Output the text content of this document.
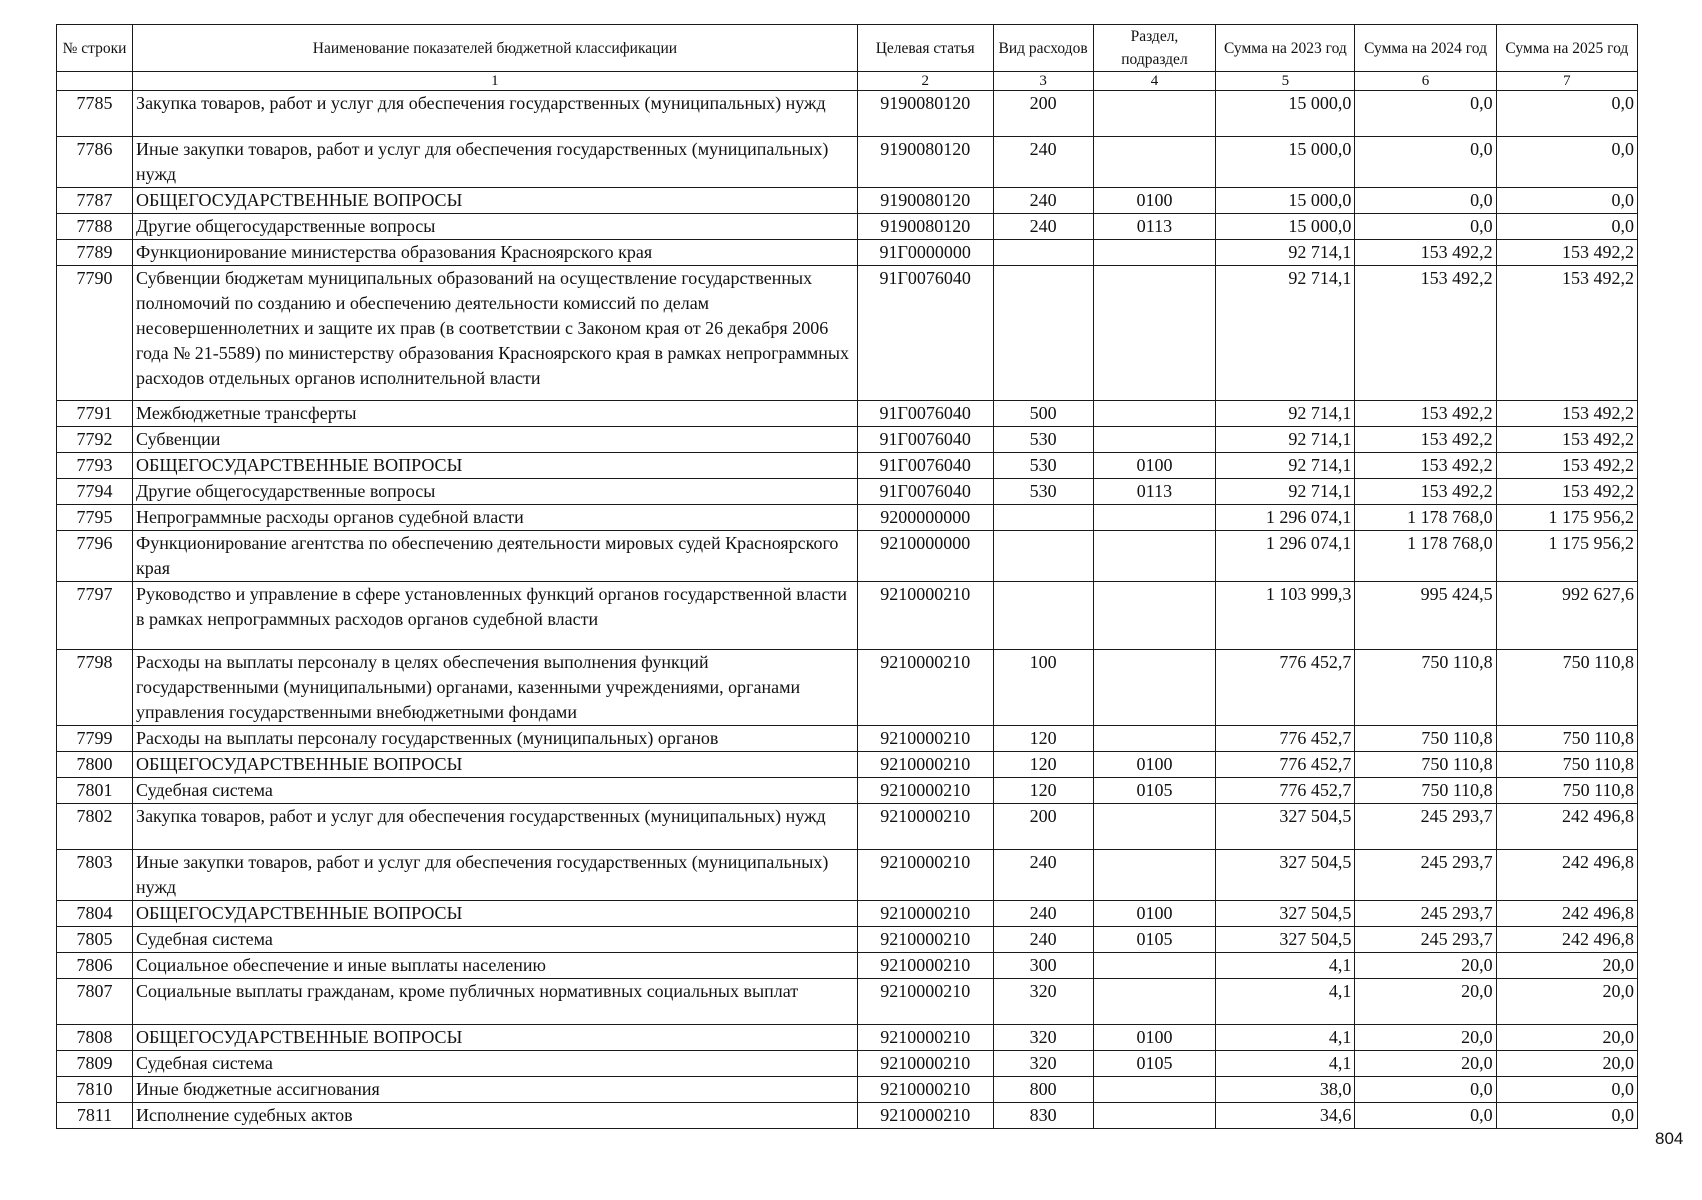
№ строки	Наименование показателей бюджетной классификации	Целевая статья	Вид расходов	Раздел, подраздел	Сумма на 2023 год	Сумма на 2024 год	Сумма на 2025 год
	1	2	3	4	5	6	7
7785	Закупка товаров, работ и услуг для обеспечения государственных (муниципальных) нужд	9190080120	200		15 000,0	0,0	0,0
7786	Иные закупки товаров, работ и услуг для обеспечения государственных (муниципальных) нужд	9190080120	240		15 000,0	0,0	0,0
7787	ОБЩЕГОСУДАРСТВЕННЫЕ ВОПРОСЫ	9190080120	240	0100	15 000,0	0,0	0,0
7788	Другие общегосударственные вопросы	9190080120	240	0113	15 000,0	0,0	0,0
7789	Функционирование министерства образования Красноярского края	91Г0000000			92 714,1	153 492,2	153 492,2
7790	Субвенции бюджетам муниципальных образований на осуществление государственных полномочий по созданию и обеспечению деятельности комиссий по делам несовершеннолетних и защите их прав (в соответствии с Законом края от 26 декабря 2006 года № 21-5589) по министерству образования Красноярского края в рамках непрограммных расходов отдельных органов исполнительной власти	91Г0076040			92 714,1	153 492,2	153 492,2
7791	Межбюджетные трансферты	91Г0076040	500		92 714,1	153 492,2	153 492,2
7792	Субвенции	91Г0076040	530		92 714,1	153 492,2	153 492,2
7793	ОБЩЕГОСУДАРСТВЕННЫЕ ВОПРОСЫ	91Г0076040	530	0100	92 714,1	153 492,2	153 492,2
7794	Другие общегосударственные вопросы	91Г0076040	530	0113	92 714,1	153 492,2	153 492,2
7795	Непрограммные расходы органов судебной власти	9200000000			1 296 074,1	1 178 768,0	1 175 956,2
7796	Функционирование агентства по обеспечению деятельности мировых судей Красноярского края	9210000000			1 296 074,1	1 178 768,0	1 175 956,2
7797	Руководство и управление в сфере установленных функций органов государственной власти в рамках непрограммных расходов органов судебной власти	9210000210			1 103 999,3	995 424,5	992 627,6
7798	Расходы на выплаты персоналу в целях обеспечения выполнения функций государственными (муниципальными) органами, казенными учреждениями, органами управления государственными внебюджетными фондами	9210000210	100		776 452,7	750 110,8	750 110,8
7799	Расходы на выплаты персоналу государственных (муниципальных) органов	9210000210	120		776 452,7	750 110,8	750 110,8
7800	ОБЩЕГОСУДАРСТВЕННЫЕ ВОПРОСЫ	9210000210	120	0100	776 452,7	750 110,8	750 110,8
7801	Судебная система	9210000210	120	0105	776 452,7	750 110,8	750 110,8
7802	Закупка товаров, работ и услуг для обеспечения государственных (муниципальных) нужд	9210000210	200		327 504,5	245 293,7	242 496,8
7803	Иные закупки товаров, работ и услуг для обеспечения государственных (муниципальных) нужд	9210000210	240		327 504,5	245 293,7	242 496,8
7804	ОБЩЕГОСУДАРСТВЕННЫЕ ВОПРОСЫ	9210000210	240	0100	327 504,5	245 293,7	242 496,8
7805	Судебная система	9210000210	240	0105	327 504,5	245 293,7	242 496,8
7806	Социальное обеспечение и иные выплаты населению	9210000210	300		4,1	20,0	20,0
7807	Социальные выплаты гражданам, кроме публичных нормативных социальных выплат	9210000210	320		4,1	20,0	20,0
7808	ОБЩЕГОСУДАРСТВЕННЫЕ ВОПРОСЫ	9210000210	320	0100	4,1	20,0	20,0
7809	Судебная система	9210000210	320	0105	4,1	20,0	20,0
7810	Иные бюджетные ассигнования	9210000210	800		38,0	0,0	0,0
7811	Исполнение судебных актов	9210000210	830		34,6	0,0	0,0
804
